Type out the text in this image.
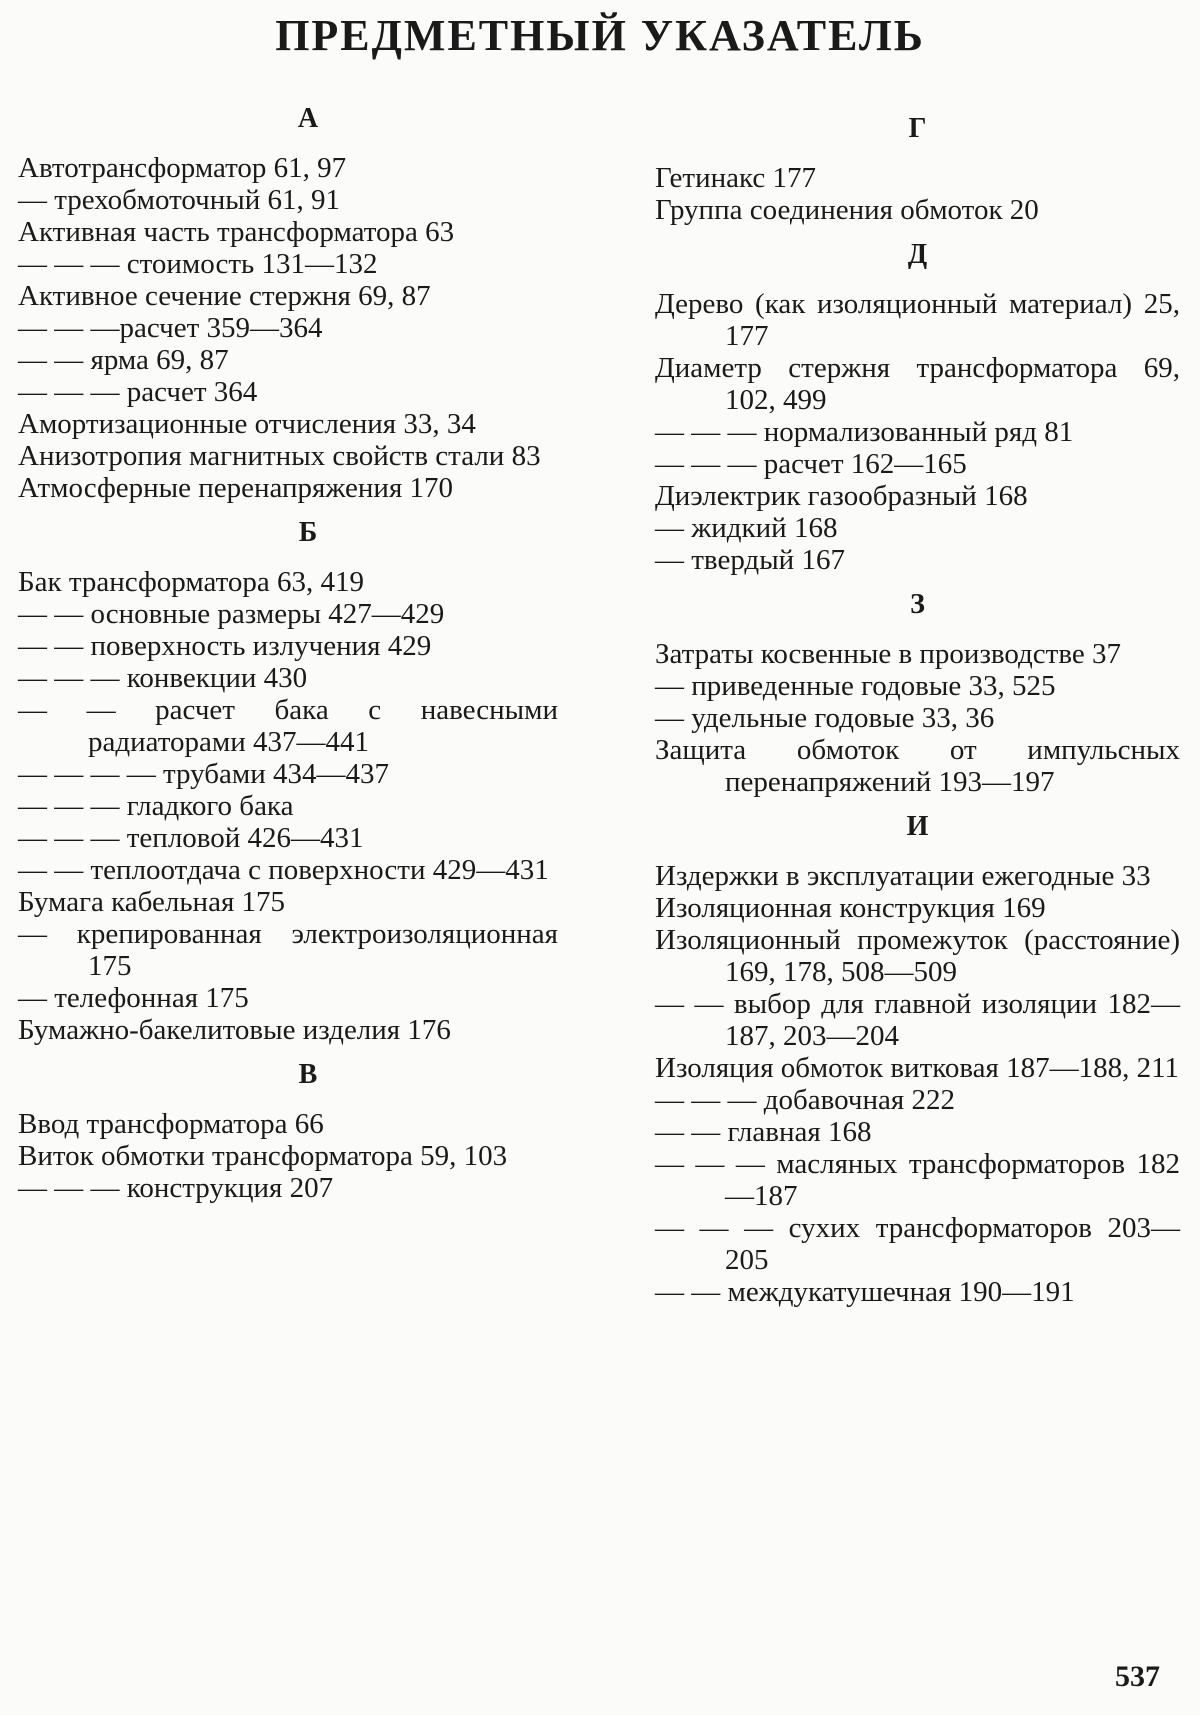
ПРЕДМЕТНЫЙ УКАЗАТЕЛЬ
А

Автотрансформатор 61, 97

— трехобмоточный 61, 91

Активная часть трансформатора 63

— — — стоимость 131—132

Активное сечение стержня 69, 87

— — —расчет 359—364

— — ярма 69, 87

— — — расчет 364

Амортизационные отчисления 33, 34

Анизотропия магнитных свойств стали 83

Атмосферные перенапряжения 170

Б

Бак трансформатора 63, 419

— — основные размеры 427—429

— — поверхность излучения 429

— — — конвекции 430

— — расчет бака с навесными радиаторами 437—441

— — — — трубами 434—437

— — — гладкого бака

— — — тепловой 426—431

— — теплоотдача с поверхности 429—431

Бумага кабельная 175

— крепированная электроизоляционная 175

— телефонная 175

Бумажно-бакелитовые изделия 176

В

Ввод трансформатора 66

Виток обмотки трансформатора 59, 103

— — — конструкция 207

Г

Гетинакс 177

Группа соединения обмоток 20

Д

Дерево (как изоляционный материал) 25, 177

Диаметр стержня трансформатора 69, 102, 499

— — — нормализованный ряд 81

— — — расчет 162—165

Диэлектрик газообразный 168

— жидкий 168

— твердый 167

З

Затраты косвенные в производстве 37

— приведенные годовые 33, 525

— удельные годовые 33, 36

Защита обмоток от импульсных перенапряжений 193—197

И

Издержки в эксплуатации ежегодные 33

Изоляционная конструкция 169

Изоляционный промежуток (расстояние) 169, 178, 508—509

— — выбор для главной изоляции 182—187, 203—204

Изоляция обмоток витковая 187—188, 211

— — — добавочная 222

— — главная 168

— — — масляных трансформаторов 182—187

— — — сухих трансформаторов 203—205

— — междукатушечная 190—191

537
